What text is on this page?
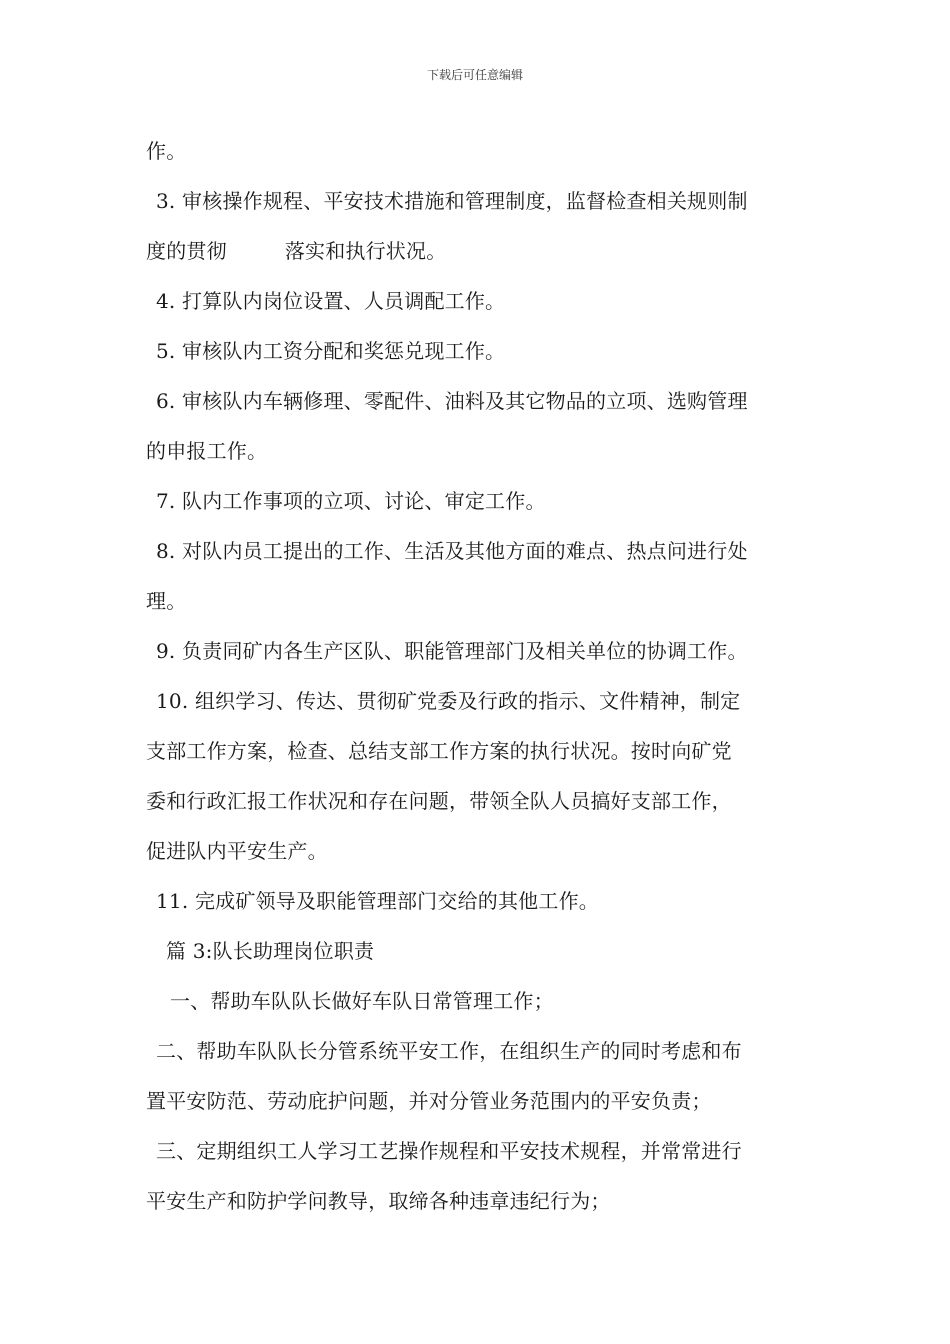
下载后可任意编辑
作。
3. 审核操作规程、平安技术措施和管理制度，监督检查相关规则制
度的贯彻	落实和执行状况。
4. 打算队内岗位设置、人员调配工作。
5. 审核队内工资分配和奖惩兑现工作。
6. 审核队内车辆修理、零配件、油料及其它物品的立项、选购管理
的申报工作。
7. 队内工作事项的立项、讨论、审定工作。
8. 对队内员工提出的工作、生活及其他方面的难点、热点问进行处
理。
9. 负责同矿内各生产区队、职能管理部门及相关单位的协调工作。
10. 组织学习、传达、贯彻矿党委及行政的指示、文件精神，制定
支部工作方案，检查、总结支部工作方案的执行状况。按时向矿党
委和行政汇报工作状况和存在问题，带领全队人员搞好支部工作，
促进队内平安生产。
11. 完成矿领导及职能管理部门交给的其他工作。
篇 3:队长助理岗位职责
一、帮助车队队长做好车队日常管理工作；
二、帮助车队队长分管系统平安工作，在组织生产的同时考虑和布
置平安防范、劳动庇护问题，并对分管业务范围内的平安负责；
三、定期组织工人学习工艺操作规程和平安技术规程，并常常进行
平安生产和防护学问教导，取缔各种违章违纪行为；
